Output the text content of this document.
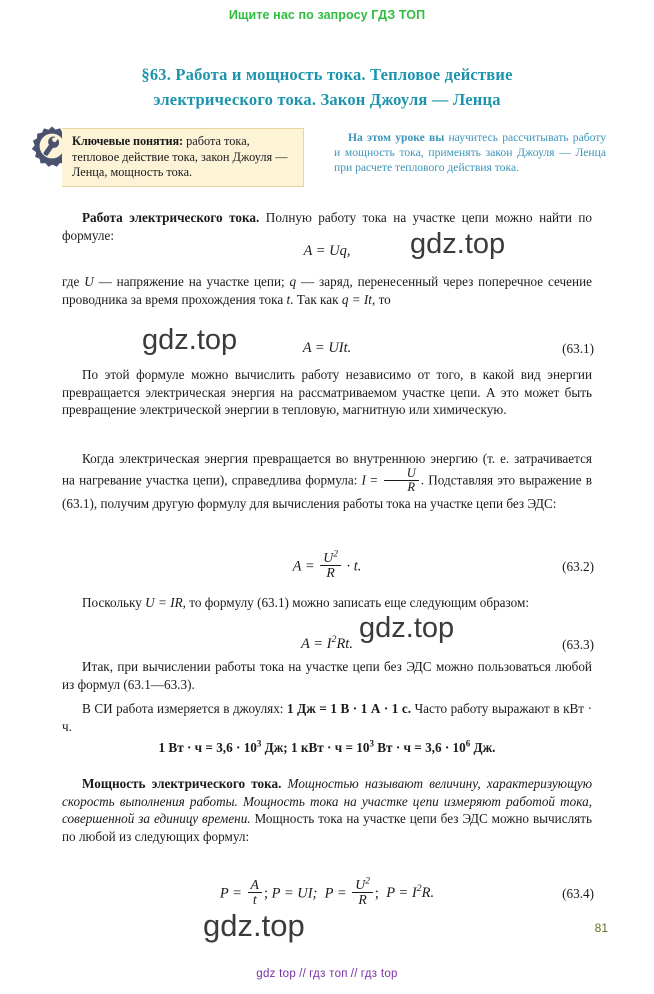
Ищите нас по запросу ГДЗ ТОП
§63. Работа и мощность тока. Тепловое действие
электрического тока. Закон Джоуля — Ленца
Ключевые понятия: работа тока, тепловое действие тока, закон Джоуля — Ленца, мощность тока.
На этом уроке вы научитесь рассчитывать работу и мощность тока, применять закон Джоуля — Ленца при расчете теплового действия тока.
Работа электрического тока. Полную работу тока на участке цепи можно найти по формуле:
A = Uq,
где U — напряжение на участке цепи; q — заряд, перенесенный через поперечное сечение проводника за время прохождения тока t. Так как q = It, то
A = UIt.	(63.1)
По этой формуле можно вычислить работу независимо от того, в какой вид энергии превращается электрическая энергия на рассматриваемом участке цепи. А это может быть превращение электрической энергии в тепловую, магнитную или химическую.
Когда электрическая энергия превращается во внутреннюю энергию (т. е. затрачивается на нагревание участка цепи), справедлива формула: $I = \frac{U}{R}$ . Подставляя это выражение в (63.1), получим другую формулу для вычисления работы тока на участке цепи без ЭДС:
$A = \frac{U^2}{R} \cdot t$.	(63.2)
Поскольку U = IR, то формулу (63.1) можно записать еще следующим образом:
$A = I^2Rt$.	(63.3)
Итак, при вычислении работы тока на участке цепи без ЭДС можно пользоваться любой из формул (63.1—63.3).
В СИ работа измеряется в джоулях: 1 Дж = 1 В · 1 А · 1 с. Часто работу выражают в кВт · ч.
1 Вт · $ч = 3,6 \cdot 10^3$ Дж; 1 кВт · $ч = 10^3$ Вт · $ч = 3,6 \cdot 10^6$ Дж.
Мощность электрического тока. Мощностью называют величину, характеризующую скорость выполнения работы. Мощность тока на участке цепи измеряют работой тока, совершенной за единицу времени. Мощность тока на участке цепи без ЭДС можно вычислять по любой из следующих формул:
$P = \frac{A}{t}$ ; P = UI; $P = \frac{U^2}{R}$ ; $P = I^2R$.	(63.4)
gdz.top
gdz.top
gdz.top
gdz.top	81
gdz top // гдз топ // гдз top
